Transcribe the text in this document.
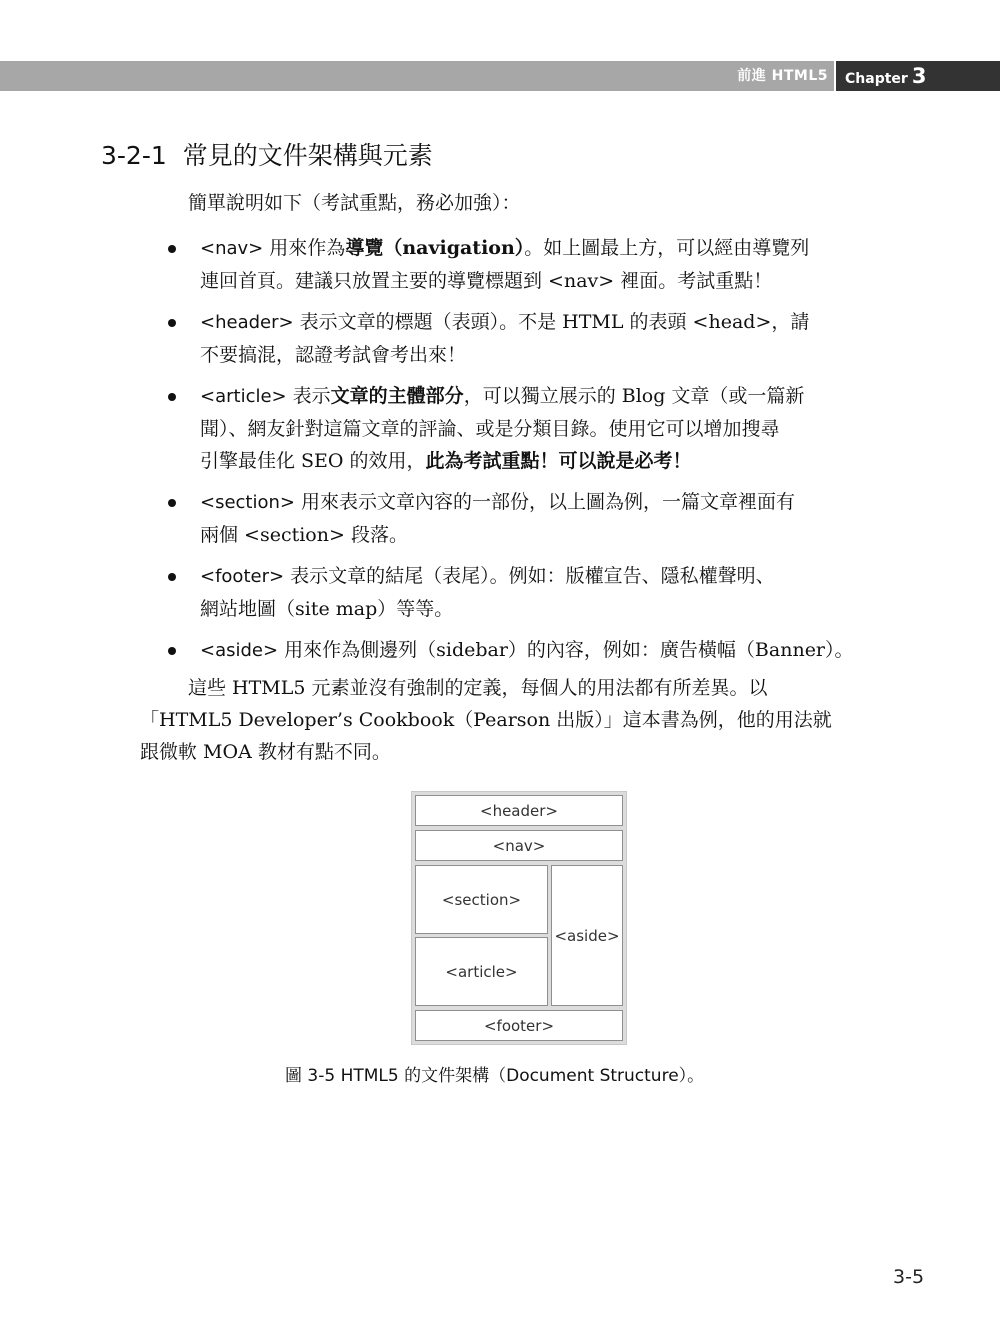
前進 HTML5	Chapter 3
3-2-1 常見的文件架構與元素
簡單說明如下（考試重點，務必加強）：
<nav> 用來作為導覽（navigation）。如上圖最上方，可以經由導覽列
連回首頁。建議只放置主要的導覽標題到 <nav> 裡面。考試重點！
<header> 表示文章的標題（表頭）。不是 HTML 的表頭 <head>，請
不要搞混，認證考試會考出來！
<article> 表示文章的主體部分，可以獨立展示的 Blog 文章（或一篇新
聞）、網友針對這篇文章的評論、或是分類目錄。使用它可以增加搜尋
引擎最佳化 SEO 的效用，此為考試重點！可以說是必考！
<section> 用來表示文章內容的一部份，以上圖為例，一篇文章裡面有
兩個 <section> 段落。
<footer> 表示文章的結尾（表尾）。例如：版權宣告、隱私權聲明、
網站地圖（site map）等等。
<aside> 用來作為側邊列（sidebar）的內容，例如：廣告橫幅（Banner）。
這些 HTML5 元素並沒有強制的定義，每個人的用法都有所差異。以
「HTML5 Developer’s Cookbook（Pearson 出版）」這本書為例，他的用法就
跟微軟 MOA 教材有點不同。
<header>
<nav>
<section>
<article>
<aside>
<footer>
圖 3-5 HTML5 的文件架構（Document Structure）。
3-5
